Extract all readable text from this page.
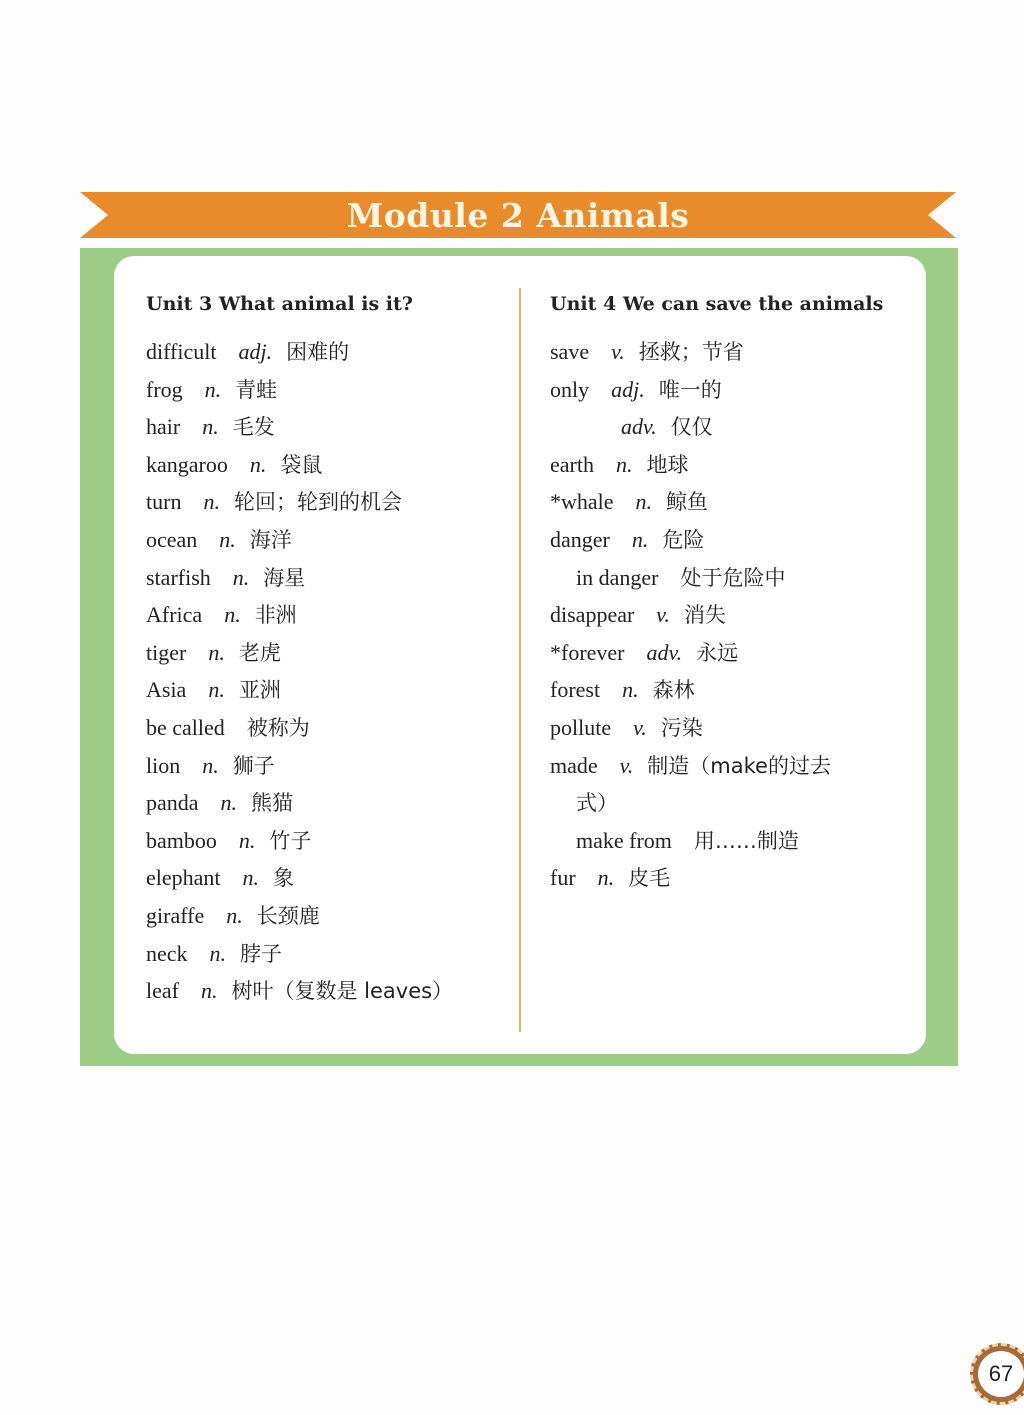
Module 2 Animals
Unit 3 What animal is it?
difficult adj. 困难的
frog n. 青蛙
hair n. 毛发
kangaroo n. 袋鼠
turn n. 轮回；轮到的机会
ocean n. 海洋
starfish n. 海星
Africa n. 非洲
tiger n. 老虎
Asia n. 亚洲
be called 被称为
lion n. 狮子
panda n. 熊猫
bamboo n. 竹子
elephant n. 象
giraffe n. 长颈鹿
neck n. 脖子
leaf n. 树叶（复数是 leaves）
Unit 4 We can save the animals
save v. 拯救；节省
only adj. 唯一的
adv. 仅仅
earth n. 地球
*whale n. 鲸鱼
danger n. 危险
in danger 处于危险中
disappear v. 消失
*forever adv. 永远
forest n. 森林
pollute v. 污染
made v. 制造（make的过去
式）
make from 用……制造
fur n. 皮毛
67
